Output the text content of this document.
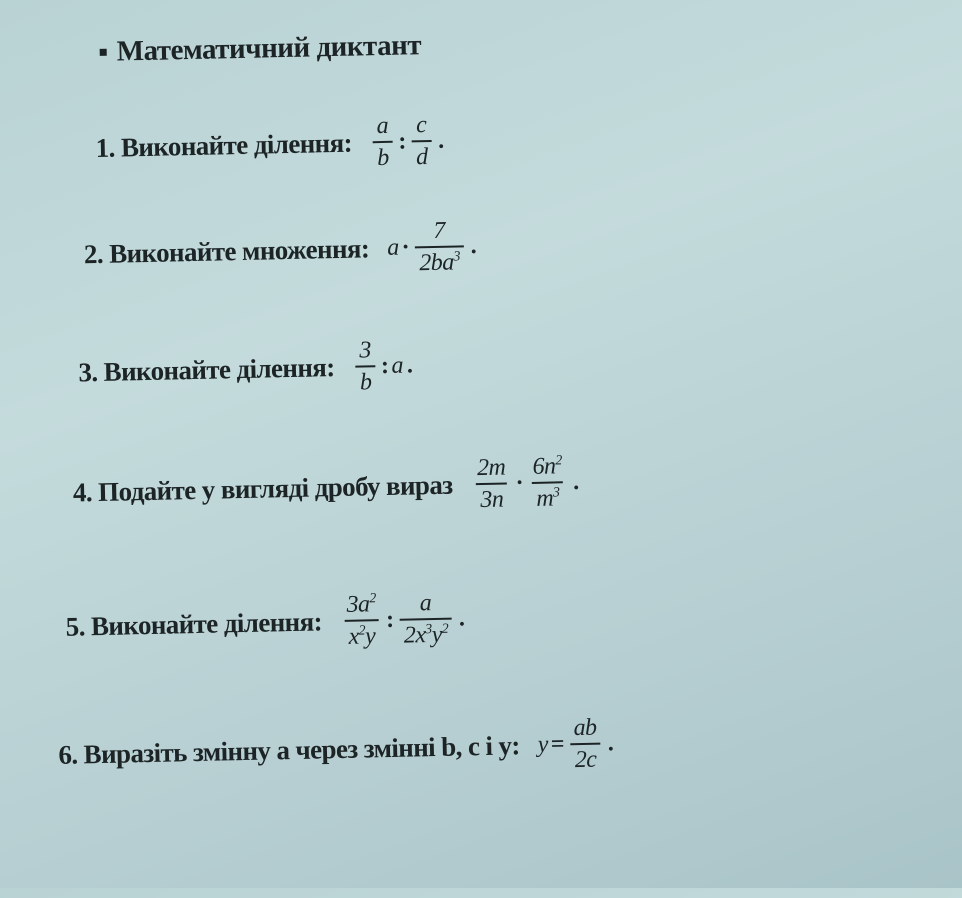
Математичний диктант
1. Виконайте ділення: $\frac{a}{b}$ : $\frac{c}{d}$ .
2. Виконайте множення: $a \cdot \frac{7}{2ba^3}$ .
3. Виконайте ділення: $\frac{3}{b}$ : a .
4. Подайте у вигляді дробу вираз $\frac{2m}{3n} \cdot \frac{6n^2}{m^3}$ .
5. Виконайте ділення: $\frac{3a^2}{x^2y}$ : $\frac{a}{2x^3y^2}$ .
6. Виразіть змінну а через змінні b, c і y: $y = \frac{ab}{2c}$ .
